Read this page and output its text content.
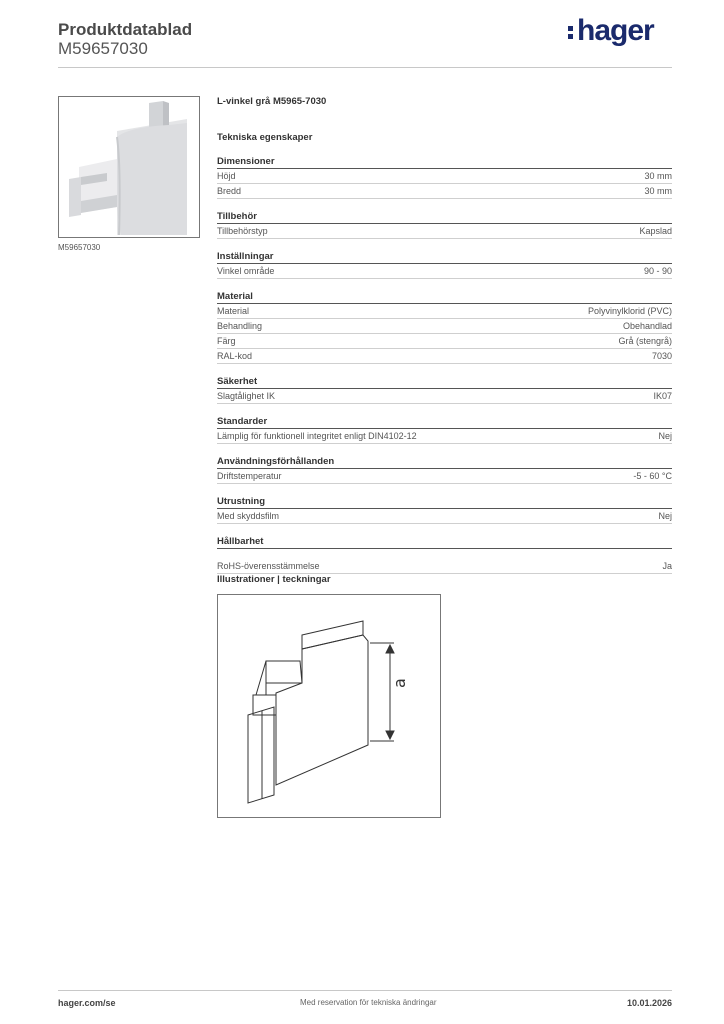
Produktdatablad
M59657030
hager
M59657030
L-vinkel grå M5965-7030
Tekniska egenskaper
Dimensioner
Höjd	30 mm
Bredd	30 mm
Tillbehör
Tillbehörstyp	Kapslad
Inställningar
Vinkel område	90 - 90
Material
Material	Polyvinylklorid (PVC)
Behandling	Obehandlad
Färg	Grå (stengrå)
RAL-kod	7030
Säkerhet
Slagtålighet IK	IK07
Standarder
Lämplig för funktionell integritet enligt DIN4102-12	Nej
Användningsförhållanden
Driftstemperatur	-5 - 60 °C
Utrustning
Med skyddsfilm	Nej
Hållbarhet
RoHS-överensstämmelse	Ja
Illustrationer | teckningar
a
hager.com/se	Med reservation för tekniska ändringar	10.01.2026
